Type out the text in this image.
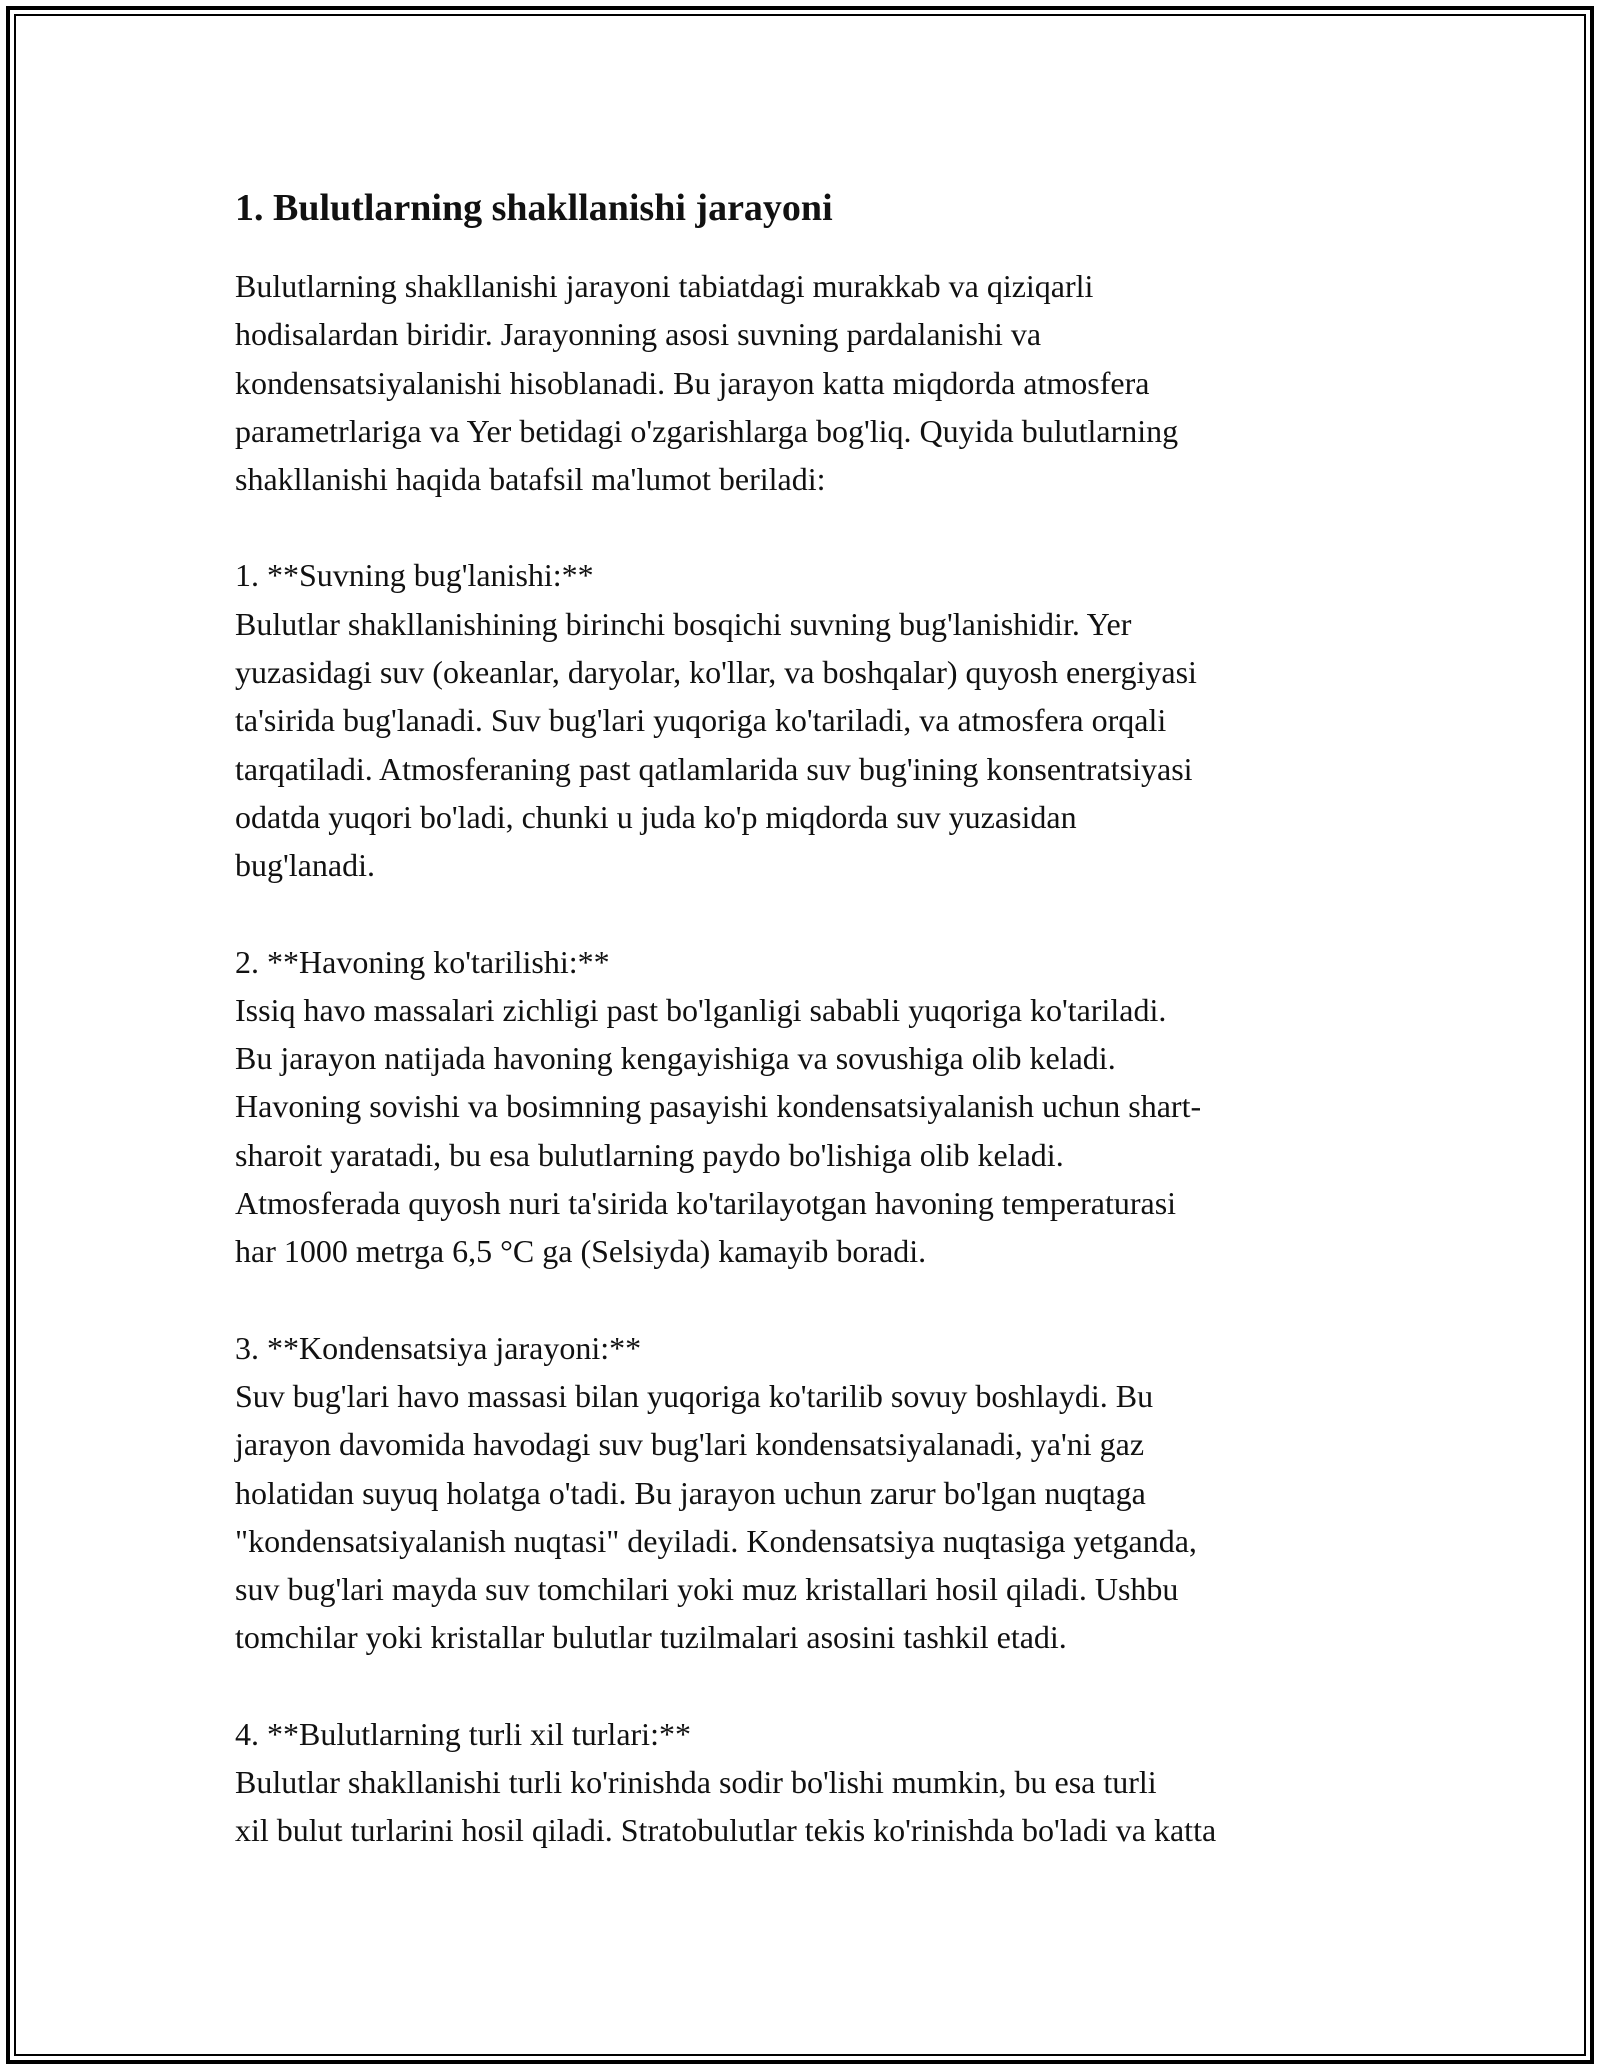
1. Bulutlarning shakllanishi jarayoni

Bulutlarning shakllanishi jarayoni tabiatdagi murakkab va qiziqarli
hodisalardan biridir. Jarayonning asosi suvning pardalanishi va
kondensatsiyalanishi hisoblanadi. Bu jarayon katta miqdorda atmosfera
parametrlariga va Yer betidagi o'zgarishlarga bog'liq. Quyida bulutlarning
shakllanishi haqida batafsil ma'lumot beriladi:

1. **Suvning bug'lanishi:**

Bulutlar shakllanishining birinchi bosqichi suvning bug'lanishidir. Yer
yuzasidagi suv (okeanlar, daryolar, ko'llar, va boshqalar) quyosh energiyasi
ta'sirida bug'lanadi. Suv bug'lari yuqoriga ko'tariladi, va atmosfera orqali
tarqatiladi. Atmosferaning past qatlamlarida suv bug'ining konsentratsiyasi
odatda yuqori bo'ladi, chunki u juda ko'p miqdorda suv yuzasidan
bug'lanadi.

2. **Havoning ko'tarilishi:**

Issiq havo massalari zichligi past bo'lganligi sababli yuqoriga ko'tariladi.
Bu jarayon natijada havoning kengayishiga va sovushiga olib keladi.
Havoning sovishi va bosimning pasayishi kondensatsiyalanish uchun shart-
sharoit yaratadi, bu esa bulutlarning paydo bo'lishiga olib keladi.
Atmosferada quyosh nuri ta'sirida ko'tarilayotgan havoning temperaturasi
har 1000 metrga 6,5 °C ga (Selsiyda) kamayib boradi.

3. **Kondensatsiya jarayoni:**

Suv bug'lari havo massasi bilan yuqoriga ko'tarilib sovuy boshlaydi. Bu
jarayon davomida havodagi suv bug'lari kondensatsiyalanadi, ya'ni gaz
holatidan suyuq holatga o'tadi. Bu jarayon uchun zarur bo'lgan nuqtaga
"kondensatsiyalanish nuqtasi" deyiladi. Kondensatsiya nuqtasiga yetganda,
suv bug'lari mayda suv tomchilari yoki muz kristallari hosil qiladi. Ushbu
tomchilar yoki kristallar bulutlar tuzilmalari asosini tashkil etadi.

4. **Bulutlarning turli xil turlari:**

Bulutlar shakllanishi turli ko'rinishda sodir bo'lishi mumkin, bu esa turli
xil bulut turlarini hosil qiladi. Stratobulutlar tekis ko'rinishda bo'ladi va katta
